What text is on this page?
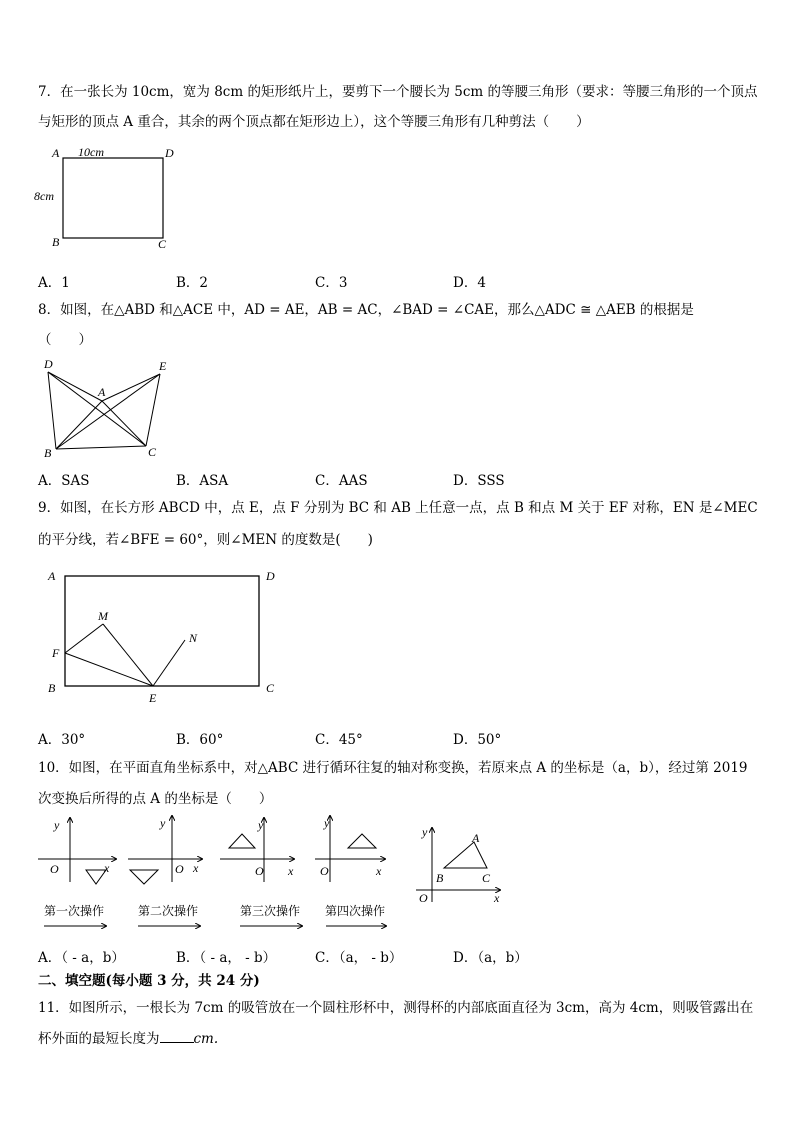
7．在一张长为 10cm，宽为 8cm 的矩形纸片上，要剪下一个腰长为 5cm 的等腰三角形（要求：等腰三角形的一个顶点
与矩形的顶点 A 重合，其余的两个顶点都在矩形边上），这个等腰三角形有几种剪法（　　）
A	D
B	C
10cm
8cm
A．1	B．2	C．3	D．4
8．如图，在△ABD 和△ACE 中，AD = AE，AB = AC，∠BAD = ∠CAE，那么△ADC ≅ △AEB 的根据是
（　　）
D	E
A
B	C
A．SAS	B．ASA	C．AAS	D．SSS
9．如图，在长方形 ABCD 中，点 E，点 F 分别为 BC 和 AB 上任意一点，点 B 和点 M 关于 EF 对称，EN 是∠MEC
的平分线，若∠BFE = 60°，则∠MEN 的度数是(　　)
A	D
M
N
F
B
E
C
A．30°	B．60°	C．45°	D．50°
10．如图，在平面直角坐标系中，对△ABC 进行循环往复的轴对称变换，若原来点 A 的坐标是（a，b），经过第 2019
次变换后所得的点 A 的坐标是（　　）
y
O	x
y
O x
y
O x
y
O	x
y
O	x
A
B	C
第一次操作	第二次操作	第三次操作 第四次操作
A．（ - a，b）	B．（ - a， - b）	C．（a， - b）	D．（a，b）
二、填空题(每小题 3 分，共 24 分)
11．如图所示，一根长为 7cm 的吸管放在一个圆柱形杯中，测得杯的内部底面直径为 3cm，高为 4cm，则吸管露出在
杯外面的最短长度为	cm.
